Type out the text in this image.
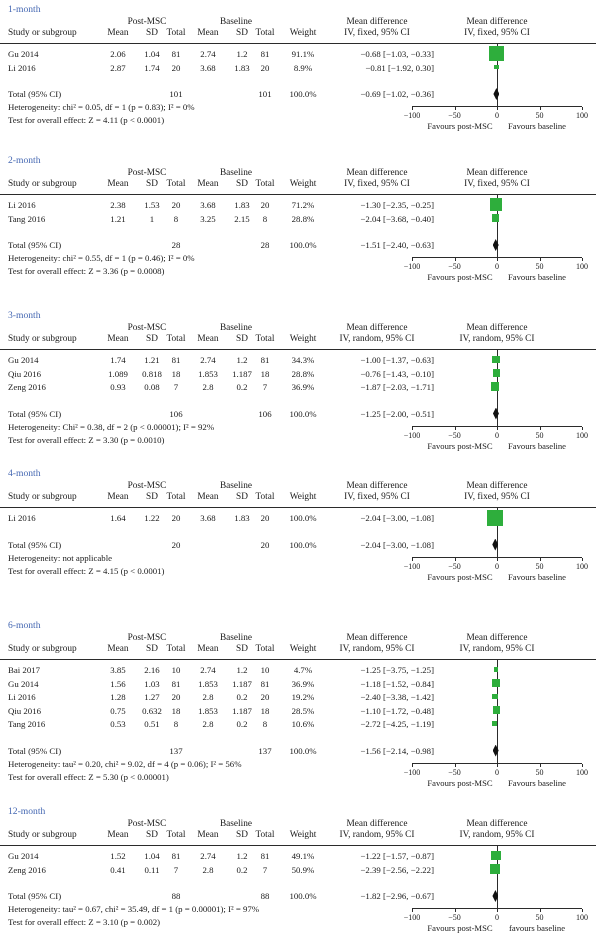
1-month
Post-MSC	Baseline	Mean difference
IV, fixed, 95% CI
Study or subgroup	Mean	SD Total	Mean	SD Total	Weight
Mean difference
IV, fixed, 95% CI
Gu 2014	2.06	1.04	81	2.74	1.2	81	91.1%	−0.68 [−1.03, −0.33]
Li 2016	2.87	1.74	20	3.68	1.83	20	8.9%	−0.81 [−1.92, 0.30]
Total (95% CI)	101	101	100.0%	−0.69 [−1.02, −0.36]
Heterogeneity: chi² = 0.05, df = 1 (p = 0.83); I² = 0%
Test for overall effect: Z = 4.11 (p < 0.0001)	−100	−50	0	50	100
Favours post-MSC	Favours baseline
2-month
Post-MSC	Baseline	Mean difference
IV, fixed, 95% CI
Study or subgroup	Mean	SD Total	Mean	SD Total	Weight
Mean difference
IV, fixed, 95% CI
Li 2016	2.38	1.53	20	3.68	1.83	20	71.2%	−1.30 [−2.35, −0.25]
Tang 2016	1.21	1	8	3.25	2.15	8	28.8%	−2.04 [−3.68, −0.40]
Total (95% CI)	28	28	100.0%	−1.51 [−2.40, −0.63]
Heterogeneity: chi² = 0.55, df = 1 (p = 0.46); I² = 0%
Test for overall effect: Z = 3.36 (p = 0.0008)	−100	−50	0	50	100
Favours post-MSC	Favours baseline
3-month
Post-MSC	Baseline	Mean difference
IV, random, 95% CI
Study or subgroup	Mean	SD Total	Mean	SD Total	Weight
Mean difference
IV, random, 95% CI
Gu 2014	1.74	1.21	81	2.74	1.2	81	34.3%	−1.00 [−1.37, −0.63]
Qiu 2016	1.089	0.818	18	1.853	1.187 18	28.8%	−0.76 [−1.43, −0.10]
Zeng 2016	0.93	0.08	7	2.8	0.2	7	36.9%	−1.87 [−2.03, −1.71]
Total (95% CI)	106	106	100.0%	−1.25 [−2.00, −0.51]
Heterogeneity: Chi² = 0.38, df = 2 (p < 0.00001); I² = 92%
Test for overall effect: Z = 3.30 (p = 0.0010)	−100	−50	0	50	100
Favours post-MSC	Favours baseline
4-month
Post-MSC	Baseline	Mean difference
IV, fixed, 95% CI
Study or subgroup	Mean	SD Total	Mean	SD Total	Weight
Mean difference
IV, fixed, 95% CI
Li 2016	1.64	1.22	20	3.68	1.83	20	100.0%	−2.04 [−3.00, −1.08]
Total (95% CI)	20	20	100.0%	−2.04 [−3.00, −1.08]
Heterogeneity: not applicable
Test for overall effect: Z = 4.15 (p < 0.0001)	−100	−50	0	50	100
Favours post-MSC	Favours baseline
6-month
Post-MSC	Baseline	Mean difference
IV, random, 95% CI
Study or subgroup	Mean	SD Total	Mean	SD Total	Weight
Mean difference
IV, random, 95% CI
Bai 2017	3.85	2.16	10	2.74	1.2	10	4.7%	−1.25 [−3.75, −1.25]
Gu 2014	1.56	1.03	81	1.853	1.187 81	36.9%	−1.18 [−1.52, −0.84]
Li 2016	1.28	1.27	20	2.8	0.2	20	19.2%	−2.40 [−3.38, −1.42]
Qiu 2016	0.75	0.632	18	1.853	1.187 18	28.5%	−1.10 [−1.72, −0.48]
Tang 2016	0.53	0.51	8	2.8	0.2	8	10.6%	−2.72 [−4.25, −1.19]
Total (95% CI)	137	137	100.0%	−1.56 [−2.14, −0.98]
Heterogeneity: tau² = 0.20, chi² = 9.02, df = 4 (p = 0.06); I² = 56%
Test for overall effect: Z = 5.30 (p < 0.00001)	−100	−50	0	50	100
Favours post-MSC	Favours baseline
12-month
Post-MSC	Baseline	Mean difference
IV, random, 95% CI
Study or subgroup	Mean	SD Total	Mean	SD Total	Weight
Mean difference
IV, random, 95% CI
Gu 2014	1.52	1.04	81	2.74	1.2	81	49.1%	−1.22 [−1.57, −0.87]
Zeng 2016	0.41	0.11	7	2.8	0.2	7	50.9%	−2.39 [−2.56, −2.22]
Total (95% CI)	88	88	100.0%	−1.82 [−2.96, −0.67]
Heterogeneity: tau² = 0.67, chi² = 35.49, df = 1 (p = 0.00001); I² = 97%
Test for overall effect: Z = 3.10 (p = 0.002)	−100	−50	0	50	100
Favours post-MSC	favours baseline
